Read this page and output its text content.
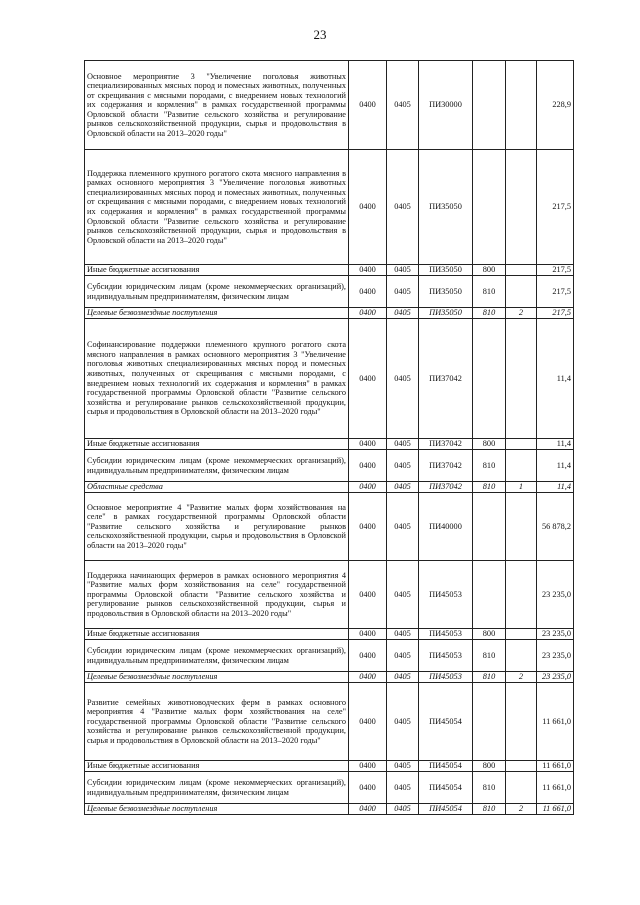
23
Основное мероприятие 3 "Увеличение поголовья животных специализированных мясных пород и помесных животных, полученных от скрещивания с мясными породами, с внедрением новых технологий их содержания и кормления" в рамках государственной программы Орловской области "Развитие сельского хозяйства и регулирование рынков сельскохозяйственной продукции, сырья и продовольствия в Орловской области на 2013–2020 годы"	0400	0405	ПИ30000			228,9
Поддержка племенного крупного рогатого скота мясного направления в рамках основного мероприятия 3 "Увеличение поголовья животных специализированных мясных пород и помесных животных, полученных от скрещивания с мясными породами, с внедрением новых технологий их содержания и кормления" в рамках государственной программы Орловской области "Развитие сельского хозяйства и регулирование рынков сельскохозяйственной продукции, сырья и продовольствия в Орловской области на 2013–2020 годы"	0400	0405	ПИ35050			217,5
Иные бюджетные ассигнования	0400	0405	ПИ35050	800		217,5
Субсидии юридическим лицам (кроме некоммерческих организаций), индивидуальным предпринимателям, физическим лицам	0400	0405	ПИ35050	810		217,5
Целевые безвозмездные поступления	0400	0405	ПИ35050	810	2	217,5
Софинансирование поддержки племенного крупного рогатого скота мясного направления в рамках основного мероприятия 3 "Увеличение поголовья животных специализированных мясных пород и помесных животных, полученных от скрещивания с мясными породами, с внедрением новых технологий их содержания и кормления" в рамках государственной программы Орловской области "Развитие сельского хозяйства и регулирование рынков сельскохозяйственной продукции, сырья и продовольствия в Орловской области на 2013–2020 годы"	0400	0405	ПИ37042			11,4
Иные бюджетные ассигнования	0400	0405	ПИ37042	800		11,4
Субсидии юридическим лицам (кроме некоммерческих организаций), индивидуальным предпринимателям, физическим лицам	0400	0405	ПИ37042	810		11,4
Областные средства	0400	0405	ПИ37042	810	1	11,4
Основное мероприятие 4 "Развитие малых форм хозяйствования на селе" в рамках государственной программы Орловской области "Развитие сельского хозяйства и регулирование рынков сельскохозяйственной продукции, сырья и продовольствия в Орловской области на 2013–2020 годы"	0400	0405	ПИ40000			56 878,2
Поддержка начинающих фермеров в рамках основного мероприятия 4 "Развитие малых форм хозяйствования на селе" государственной программы Орловской области "Развитие сельского хозяйства и регулирование рынков сельскохозяйственной продукции, сырья и продовольствия в Орловской области на 2013–2020 годы"	0400	0405	ПИ45053			23 235,0
Иные бюджетные ассигнования	0400	0405	ПИ45053	800		23 235,0
Субсидии юридическим лицам (кроме некоммерческих организаций), индивидуальным предпринимателям, физическим лицам	0400	0405	ПИ45053	810		23 235,0
Целевые безвозмездные поступления	0400	0405	ПИ45053	810	2	23 235,0
Развитие семейных животноводческих ферм в рамках основного мероприятия 4 "Развитие малых форм хозяйствования на селе" государственной программы Орловской области "Развитие сельского хозяйства и регулирование рынков сельскохозяйственной продукции, сырья и продовольствия в Орловской области на 2013–2020 годы"	0400	0405	ПИ45054			11 661,0
Иные бюджетные ассигнования	0400	0405	ПИ45054	800		11 661,0
Субсидии юридическим лицам (кроме некоммерческих организаций), индивидуальным предпринимателям, физическим лицам	0400	0405	ПИ45054	810		11 661,0
Целевые безвозмездные поступления	0400	0405	ПИ45054	810	2	11 661,0
